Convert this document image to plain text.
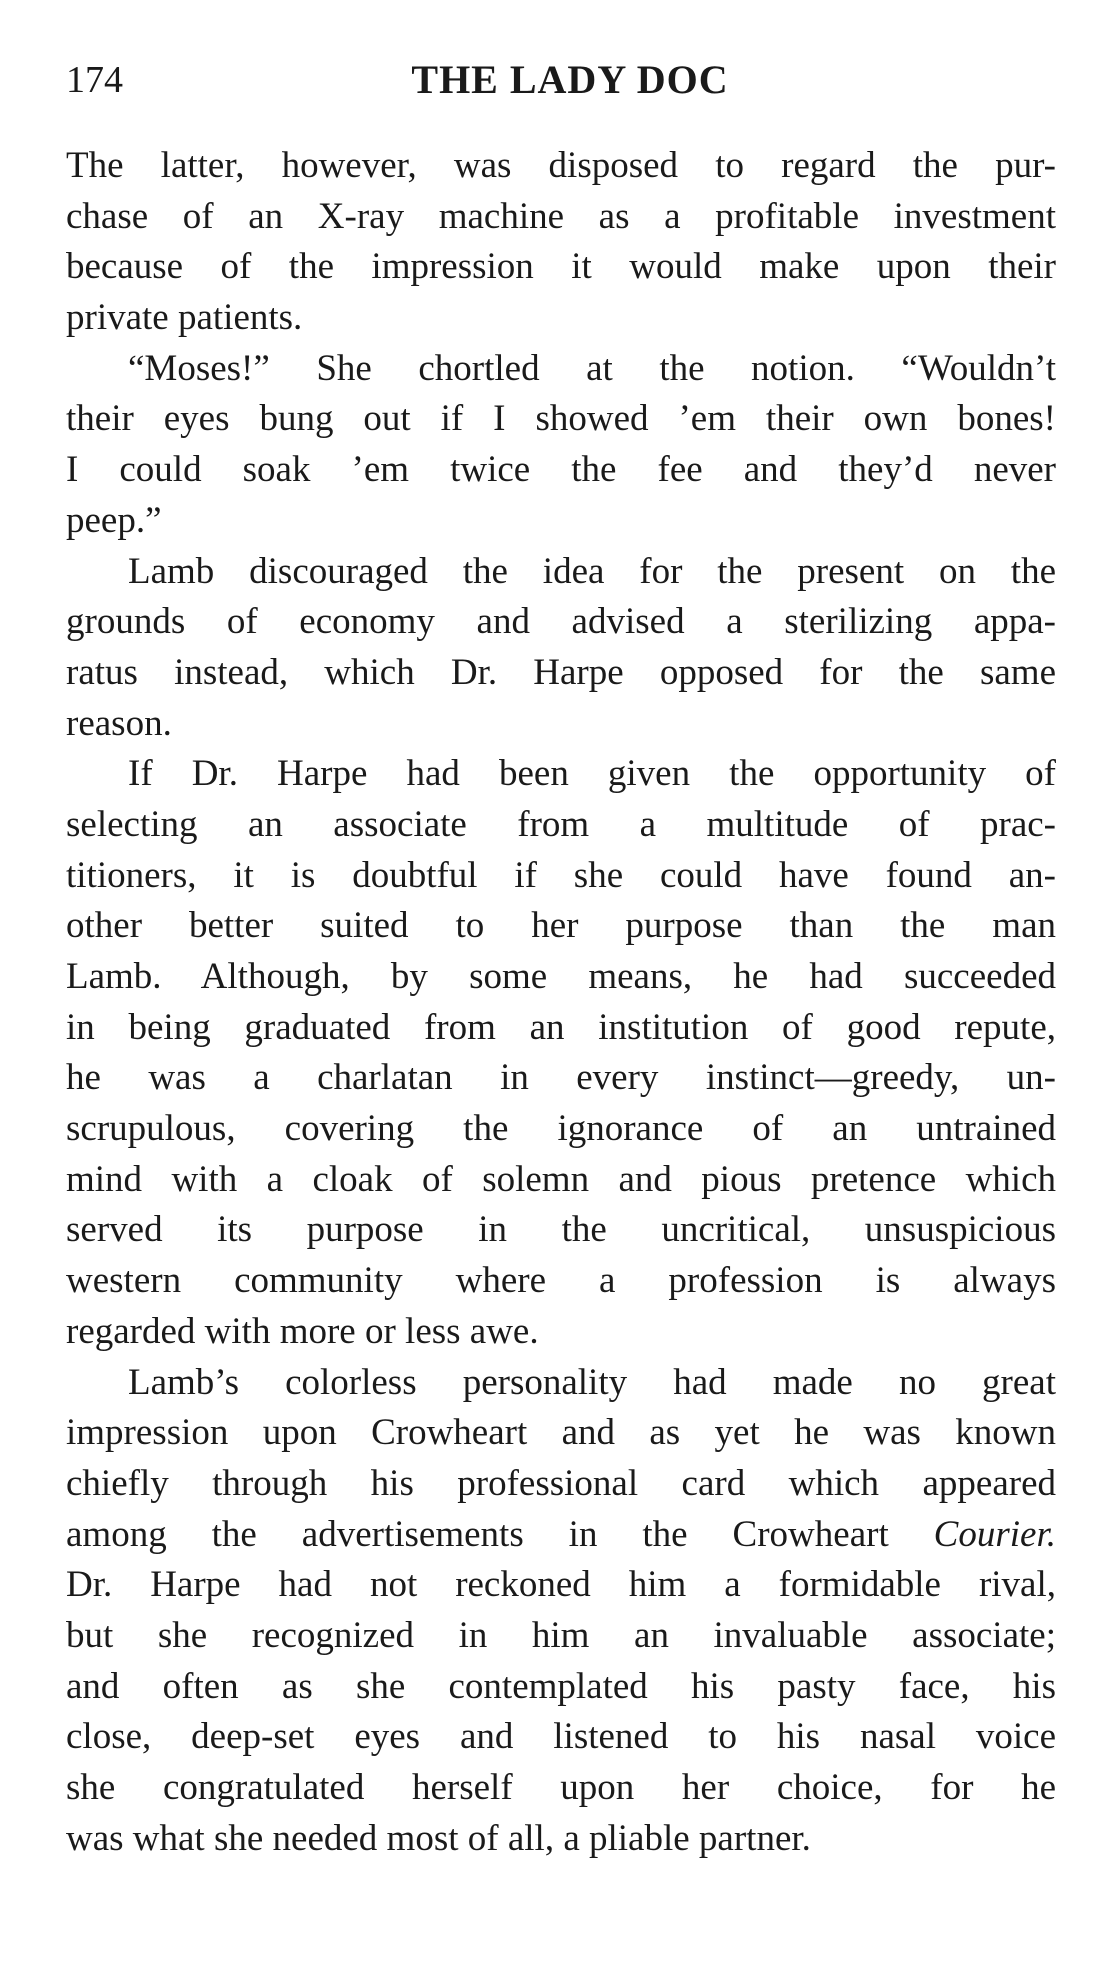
174	THE LADY DOC
The latter, however, was disposed to regard the pur-
chase of an X-ray machine as a profitable investment
because of the impression it would make upon their
private patients.
“Moses!” She chortled at the notion. “Wouldn’t
their eyes bung out if I showed ’em their own bones!
I could soak ’em twice the fee and they’d never
peep.”
Lamb discouraged the idea for the present on the
grounds of economy and advised a sterilizing appa-
ratus instead, which Dr. Harpe opposed for the same
reason.
If Dr. Harpe had been given the opportunity of
selecting an associate from a multitude of prac-
titioners, it is doubtful if she could have found an-
other better suited to her purpose than the man
Lamb. Although, by some means, he had succeeded
in being graduated from an institution of good repute,
he was a charlatan in every instinct—greedy, un-
scrupulous, covering the ignorance of an untrained
mind with a cloak of solemn and pious pretence which
served its purpose in the uncritical, unsuspicious
western community where a profession is always
regarded with more or less awe.
Lamb’s colorless personality had made no great
impression upon Crowheart and as yet he was known
chiefly through his professional card which appeared
among the advertisements in the Crowheart Courier.
Dr. Harpe had not reckoned him a formidable rival,
but she recognized in him an invaluable associate;
and often as she contemplated his pasty face, his
close, deep-set eyes and listened to his nasal voice
she congratulated herself upon her choice, for he
was what she needed most of all, a pliable partner.
